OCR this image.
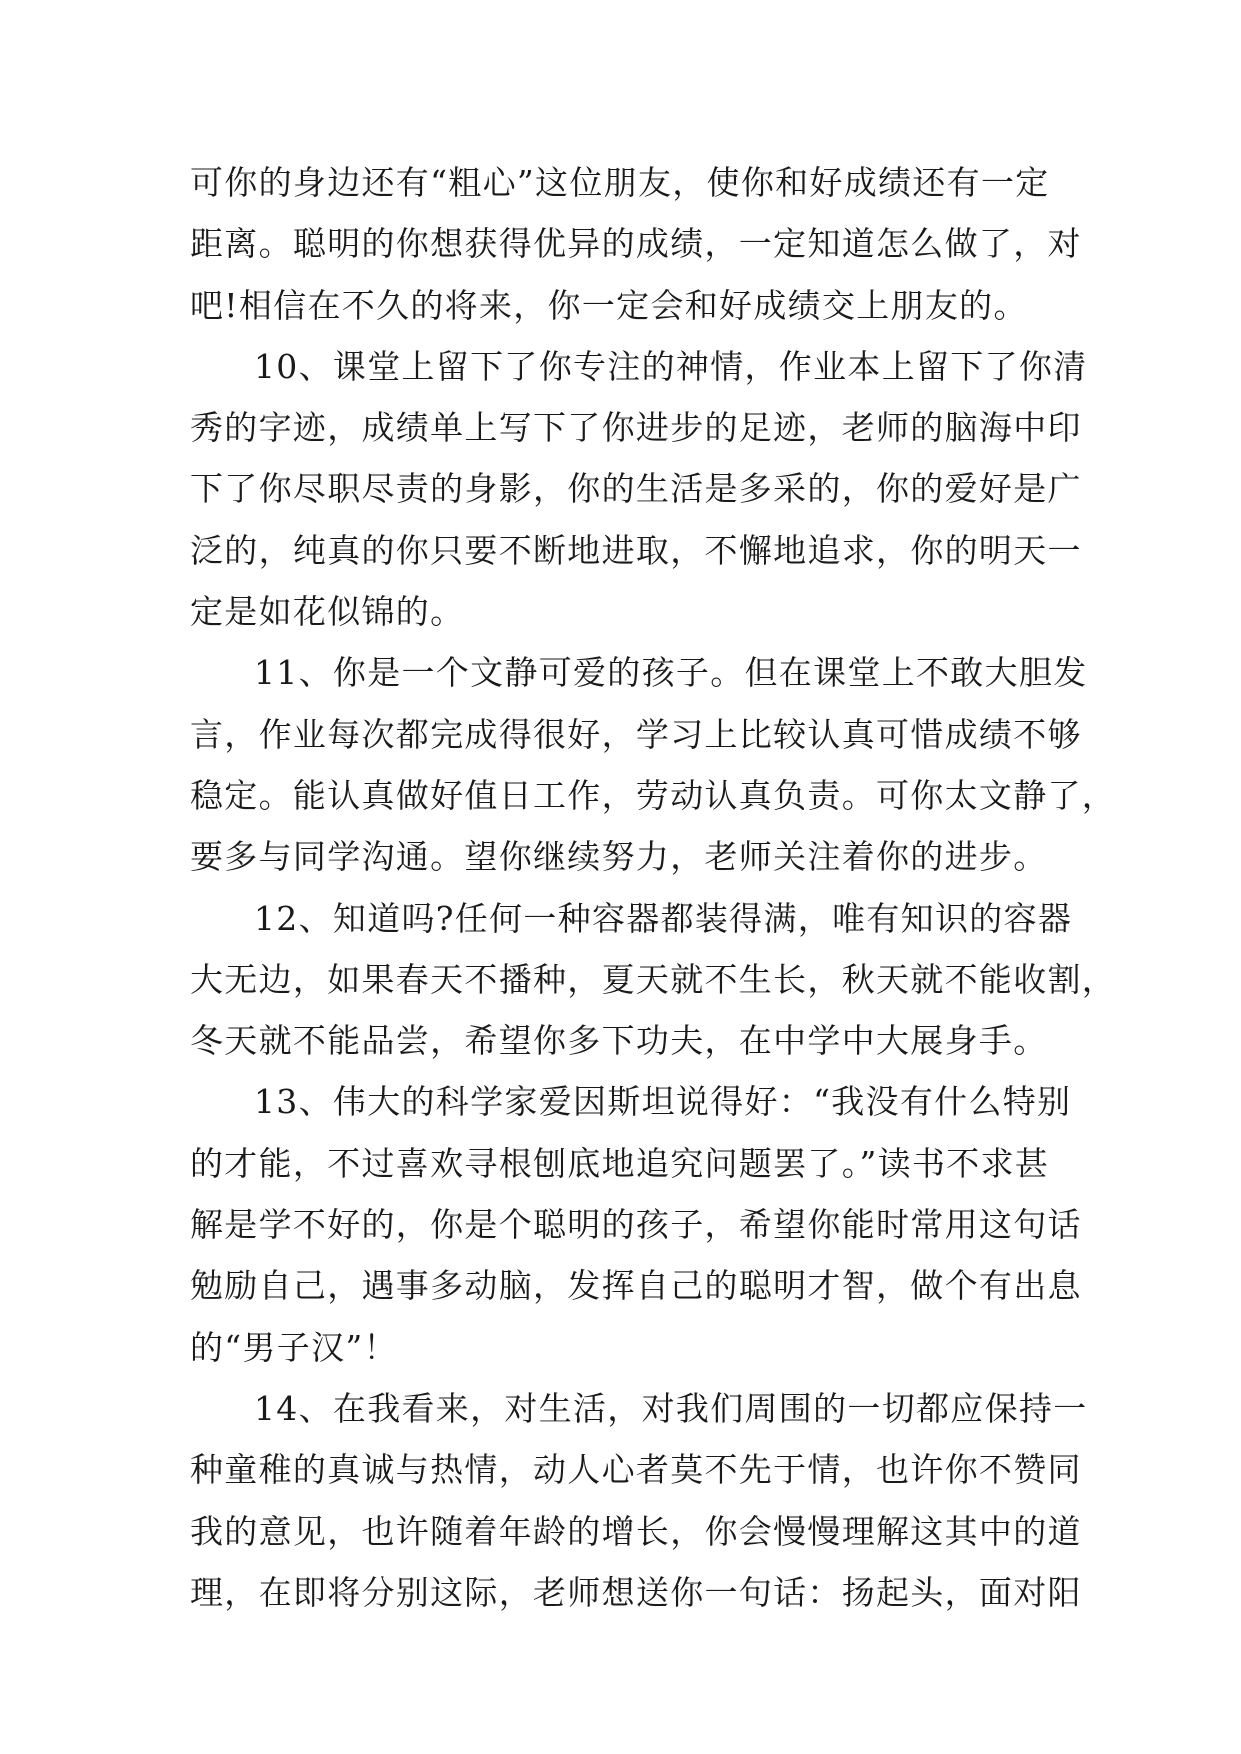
可你的身边还有“粗心”这位朋友，使你和好成绩还有一定
距离。聪明的你想获得优异的成绩，一定知道怎么做了，对
吧!相信在不久的将来，你一定会和好成绩交上朋友的。
10、课堂上留下了你专注的神情，作业本上留下了你清
秀的字迹，成绩单上写下了你进步的足迹，老师的脑海中印
下了你尽职尽责的身影，你的生活是多采的，你的爱好是广
泛的，纯真的你只要不断地进取，不懈地追求，你的明天一
定是如花似锦的。
11、你是一个文静可爱的孩子。但在课堂上不敢大胆发
言，作业每次都完成得很好，学习上比较认真可惜成绩不够
稳定。能认真做好值日工作，劳动认真负责。可你太文静了，
要多与同学沟通。望你继续努力，老师关注着你的进步。
12、知道吗?任何一种容器都装得满，唯有知识的容器
大无边，如果春天不播种，夏天就不生长，秋天就不能收割，
冬天就不能品尝，希望你多下功夫，在中学中大展身手。
13、伟大的科学家爱因斯坦说得好：“我没有什么特别
的才能，不过喜欢寻根刨底地追究问题罢了。”读书不求甚
解是学不好的，你是个聪明的孩子，希望你能时常用这句话
勉励自己，遇事多动脑，发挥自己的聪明才智，做个有出息
的“男子汉”！
14、在我看来，对生活，对我们周围的一切都应保持一
种童稚的真诚与热情，动人心者莫不先于情，也许你不赞同
我的意见，也许随着年龄的增长，你会慢慢理解这其中的道
理，在即将分别这际，老师想送你一句话：扬起头，面对阳
